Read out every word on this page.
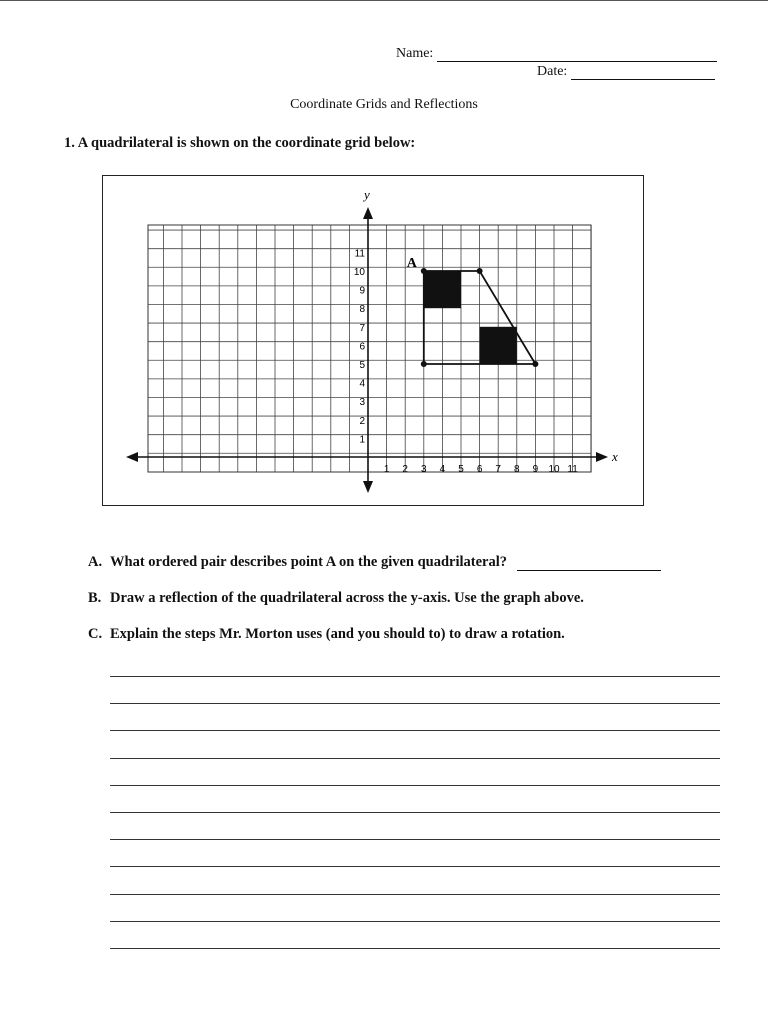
Name:
Date:
Coordinate Grids and Reflections
1. A quadrilateral is shown on the coordinate grid below:
x
y
1 2 3 4 5 6 7 8 9 10 11
1
2
3
4
5
6
7
8
9
10
11
A
A. What ordered pair describes point A on the given quadrilateral?
B. Draw a reflection of the quadrilateral across the y-axis. Use the graph above.
C. Explain the steps Mr. Morton uses (and you should to) to draw a rotation.
